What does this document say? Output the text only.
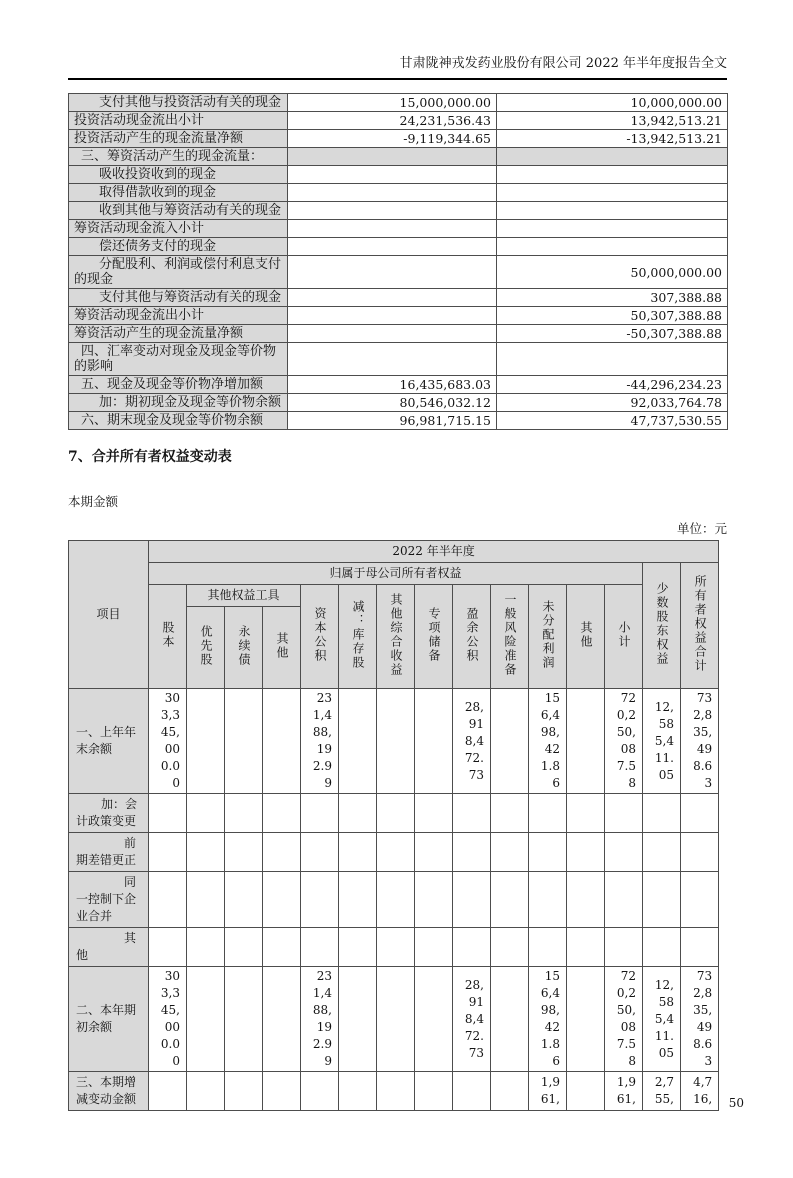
甘肃陇神戎发药业股份有限公司 2022 年半年度报告全文
支付其他与投资活动有关的现金	15,000,000.00	10,000,000.00
投资活动现金流出小计	24,231,536.43	13,942,513.21
投资活动产生的现金流量净额	-9,119,344.65	-13,942,513.21
三、筹资活动产生的现金流量：		
吸收投资收到的现金		
取得借款收到的现金		
收到其他与筹资活动有关的现金		
筹资活动现金流入小计		
偿还债务支付的现金		
分配股利、利润或偿付利息支付的现金		50,000,000.00
支付其他与筹资活动有关的现金		307,388.88
筹资活动现金流出小计		50,307,388.88
筹资活动产生的现金流量净额		-50,307,388.88
四、汇率变动对现金及现金等价物的影响		
五、现金及现金等价物净增加额	16,435,683.03	-44,296,234.23
加：期初现金及现金等价物余额	80,546,032.12	92,033,764.78
六、期末现金及现金等价物余额	96,981,715.15	47,737,530.55
7、合并所有者权益变动表
本期金额
单位：元
项目	2022 年半年度														
	归属于母公司所有者权益													少数股东权益	所有者权益合计
	股本	其他权益工具			资本公积	减：库存股	其他综合收益	专项储备	盈余公积	一般风险准备	未分配利润	其他	小计		
		优先股	永续债	其他											
一、上年年末余额	303,345,000.00				231,488,192.99				28,918,472.73		156,498,421.86		720,250,087.58	12,585,411.05	732,835,498.63
加：会计政策变更															
前期差错更正															
同一控制下企业合并															
其他															
二、本年期初余额	303,345,000.00				231,488,192.99				28,918,472.73		156,498,421.86		720,250,087.58	12,585,411.05	732,835,498.63
三、本期增减变动金额											1,961,		1,961,	2,755,	4,716, 50
